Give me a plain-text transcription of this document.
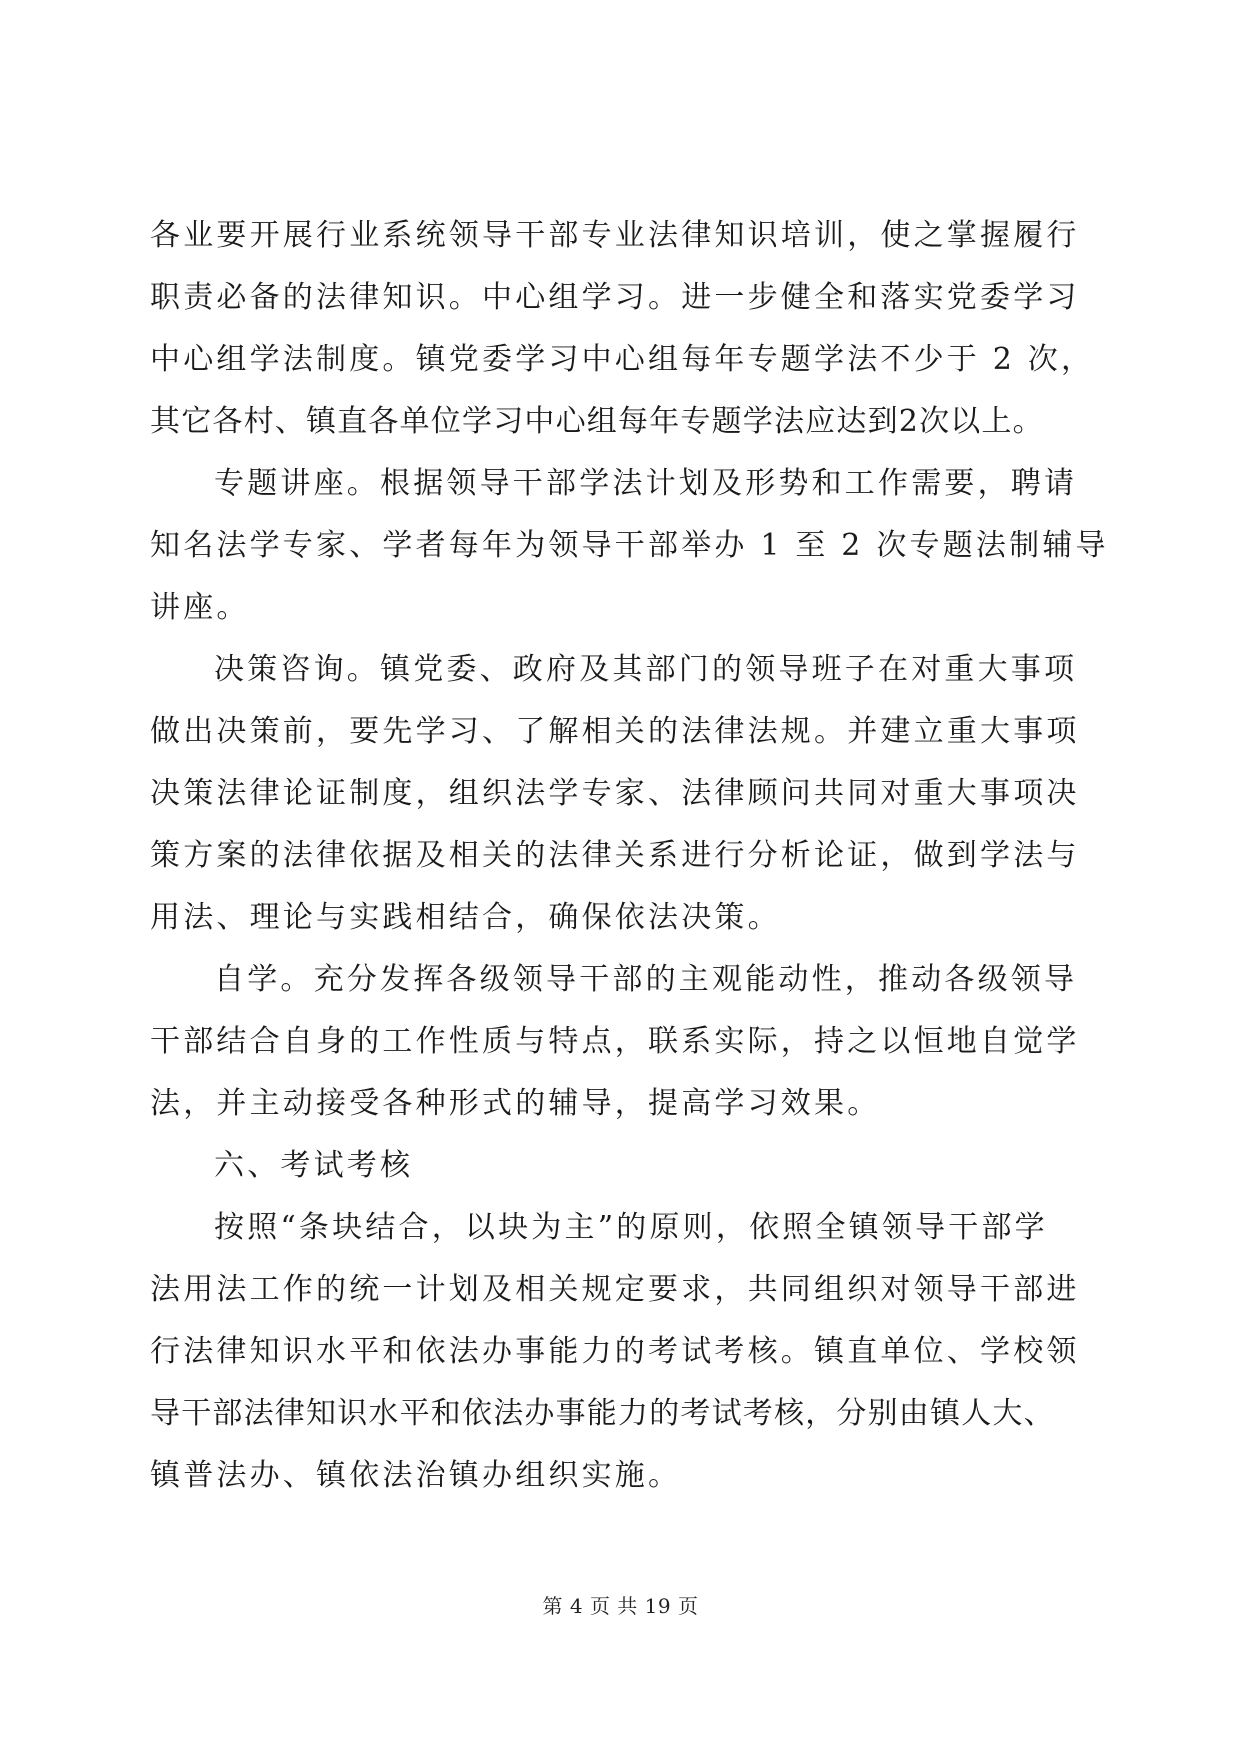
各业要开展行业系统领导干部专业法律知识培训，使之掌握履行
职责必备的法律知识。中心组学习。进一步健全和落实党委学习
中心组学法制度。镇党委学习中心组每年专题学法不少于 2 次，
其它各村、镇直各单位学习中心组每年专题学法应达到2次以上。
专题讲座。根据领导干部学法计划及形势和工作需要，聘请
知名法学专家、学者每年为领导干部举办 1 至 2 次专题法制辅导
讲座。
决策咨询。镇党委、政府及其部门的领导班子在对重大事项
做出决策前，要先学习、了解相关的法律法规。并建立重大事项
决策法律论证制度，组织法学专家、法律顾问共同对重大事项决
策方案的法律依据及相关的法律关系进行分析论证，做到学法与
用法、理论与实践相结合，确保依法决策。
自学。充分发挥各级领导干部的主观能动性，推动各级领导
干部结合自身的工作性质与特点，联系实际，持之以恒地自觉学
法，并主动接受各种形式的辅导，提高学习效果。
六、考试考核
按照“条块结合，以块为主”的原则，依照全镇领导干部学
法用法工作的统一计划及相关规定要求，共同组织对领导干部进
行法律知识水平和依法办事能力的考试考核。镇直单位、学校领
导干部法律知识水平和依法办事能力的考试考核，分别由镇人大、
镇普法办、镇依法治镇办组织实施。
第 4 页 共 19 页
